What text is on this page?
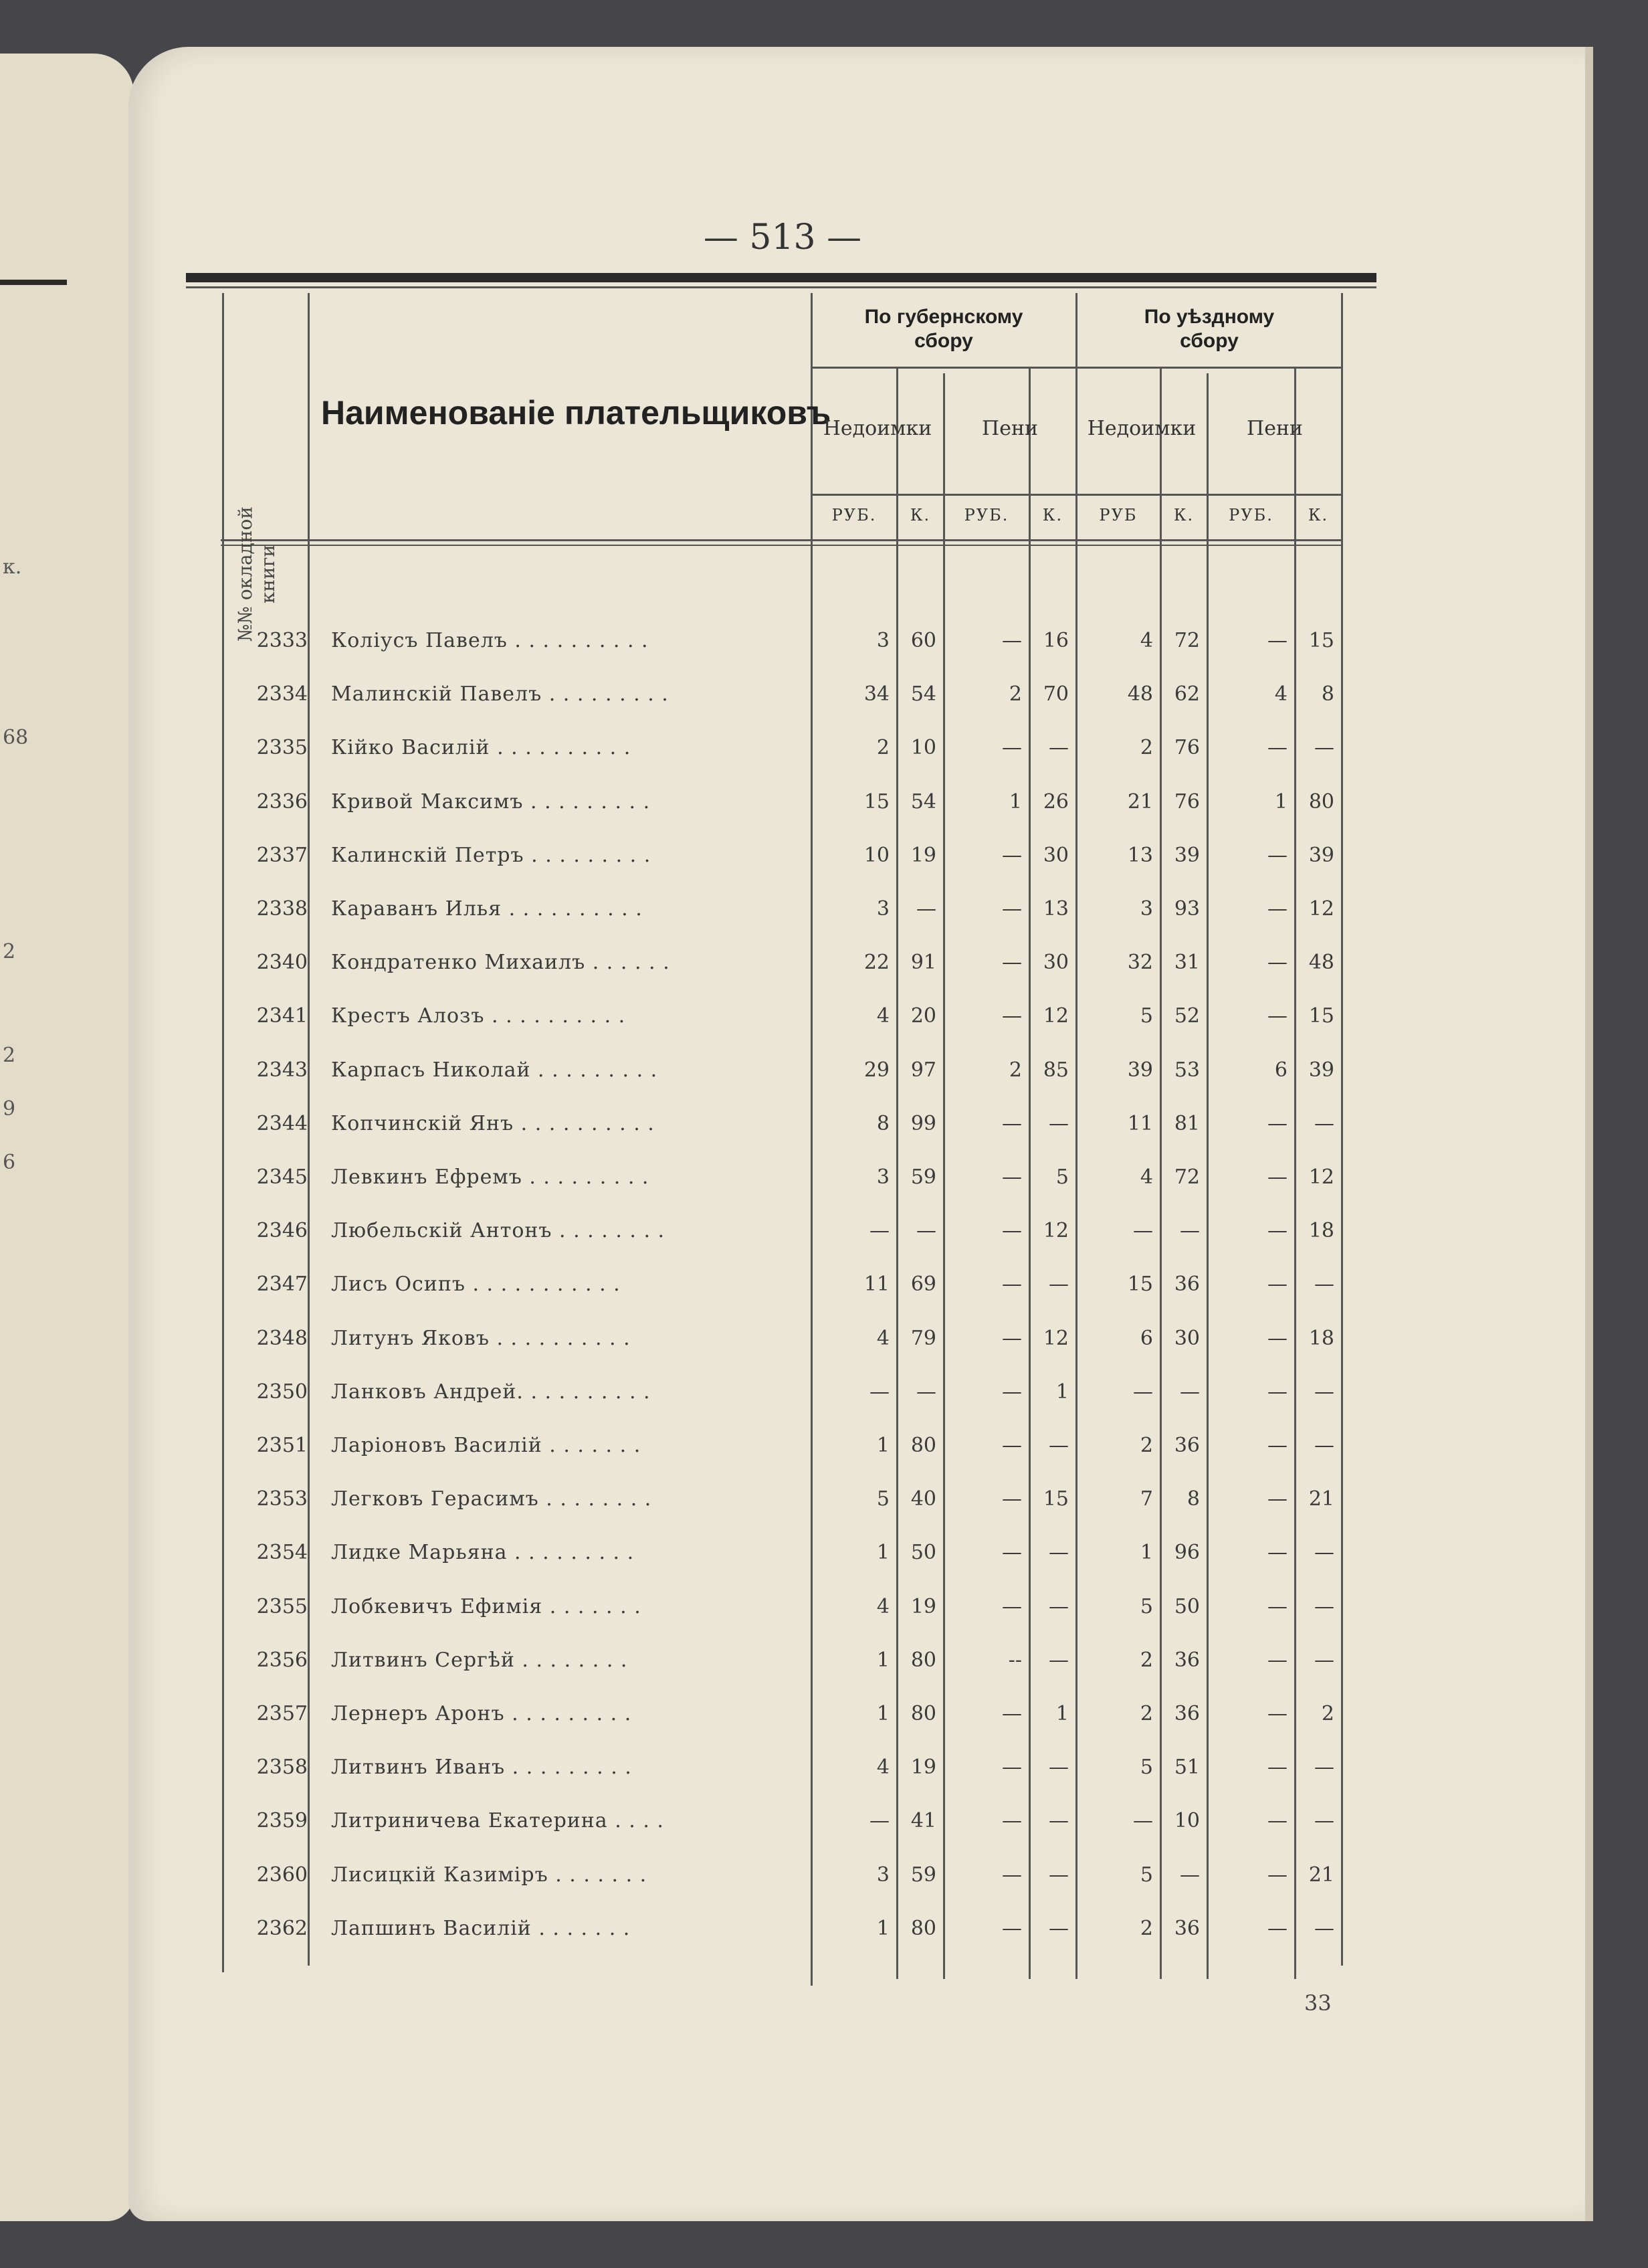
к.
68
2
2
9
6
— 513 —
№№ окладной
книги
Наименованіе плательщиковъ
По губернскому
сбору
По уѣздному
сбору
Недоимки	Пени	Недоимки	Пени
РУБ.	К.	РУБ.	К.	РУБ	К.	РУБ.	К.
2333 Коліусъ Павелъ . . . . . . . . . .	3	60	—	16	4	72	—	15
2334 Малинскій Павелъ . . . . . . . . .	34	54	2	70	48	62	4	8
2335 Кійко Василій . . . . . . . . . .	2	10	—	—	2	76	—	—
2336 Кривой Максимъ . . . . . . . . .	15	54	1	26	21	76	1	80
2337 Калинскій Петръ . . . . . . . . .	10	19	—	30	13	39	—	39
2338 Караванъ Илья . . . . . . . . . .	3	—	—	13	3	93	—	12
2340 Кондратенко Михаилъ . . . . . .	22	91	—	30	32	31	—	48
2341 Крестъ Алозъ . . . . . . . . . .	4	20	—	12	5	52	—	15
2343 Карпасъ Николай . . . . . . . . .	29	97	2	85	39	53	6	39
2344 Копчинскій Янъ . . . . . . . . . .	8	99	—	—	11	81	—	—
2345 Левкинъ Ефремъ . . . . . . . . .	3	59	—	5	4	72	—	12
2346 Любельскій Антонъ . . . . . . . .	—	—	—	12	—	—	—	18
2347 Лисъ Осипъ . . . . . . . . . . .	11	69	—	—	15	36	—	—
2348 Литунъ Яковъ . . . . . . . . . .	4	79	—	12	6	30	—	18
2350 Ланковъ Андрей. . . . . . . . . .	—	—	—	1	—	—	—	—
2351 Ларіоновъ Василій . . . . . . .	1	80	—	—	2	36	—	—
2353 Легковъ Герасимъ . . . . . . . .	5	40	—	15	7	8	—	21
2354 Лидке Марьяна . . . . . . . . .	1	50	—	—	1	96	—	—
2355 Лобкевичъ Ефимія . . . . . . .	4	19	—	—	5	50	—	—
2356 Литвинъ Сергѣй . . . . . . . .	1	80	--	—	2	36	—	—
2357 Лернеръ Аронъ . . . . . . . . .	1	80	—	1	2	36	—	2
2358 Литвинъ Иванъ . . . . . . . . .	4	19	—	—	5	51	—	—
2359 Литриничева Екатерина . . . .	—	41	—	—	—	10	—	—
2360 Лисицкій Казиміръ . . . . . . .	3	59	—	—	5	—	—	21
2362 Лапшинъ Василій . . . . . . .	1	80	—	—	2	36	—	—
33
